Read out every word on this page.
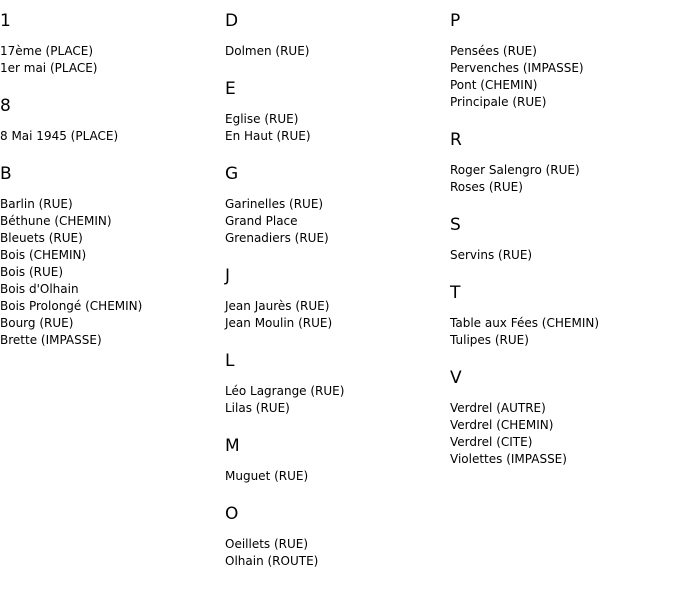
1
17ème (PLACE)
1er mai (PLACE)
8
8 Mai 1945 (PLACE)
B
Barlin (RUE)
Béthune (CHEMIN)
Bleuets (RUE)
Bois (CHEMIN)
Bois (RUE)
Bois d'Olhain
Bois Prolongé (CHEMIN)
Bourg (RUE)
Brette (IMPASSE)
D
Dolmen (RUE)
E
Eglise (RUE)
En Haut (RUE)
G
Garinelles (RUE)
Grand Place
Grenadiers (RUE)
J
Jean Jaurès (RUE)
Jean Moulin (RUE)
L
Léo Lagrange (RUE)
Lilas (RUE)
M
Muguet (RUE)
O
Oeillets (RUE)
Olhain (ROUTE)
P
Pensées (RUE)
Pervenches (IMPASSE)
Pont (CHEMIN)
Principale (RUE)
R
Roger Salengro (RUE)
Roses (RUE)
S
Servins (RUE)
T
Table aux Fées (CHEMIN)
Tulipes (RUE)
V
Verdrel (AUTRE)
Verdrel (CHEMIN)
Verdrel (CITE)
Violettes (IMPASSE)
